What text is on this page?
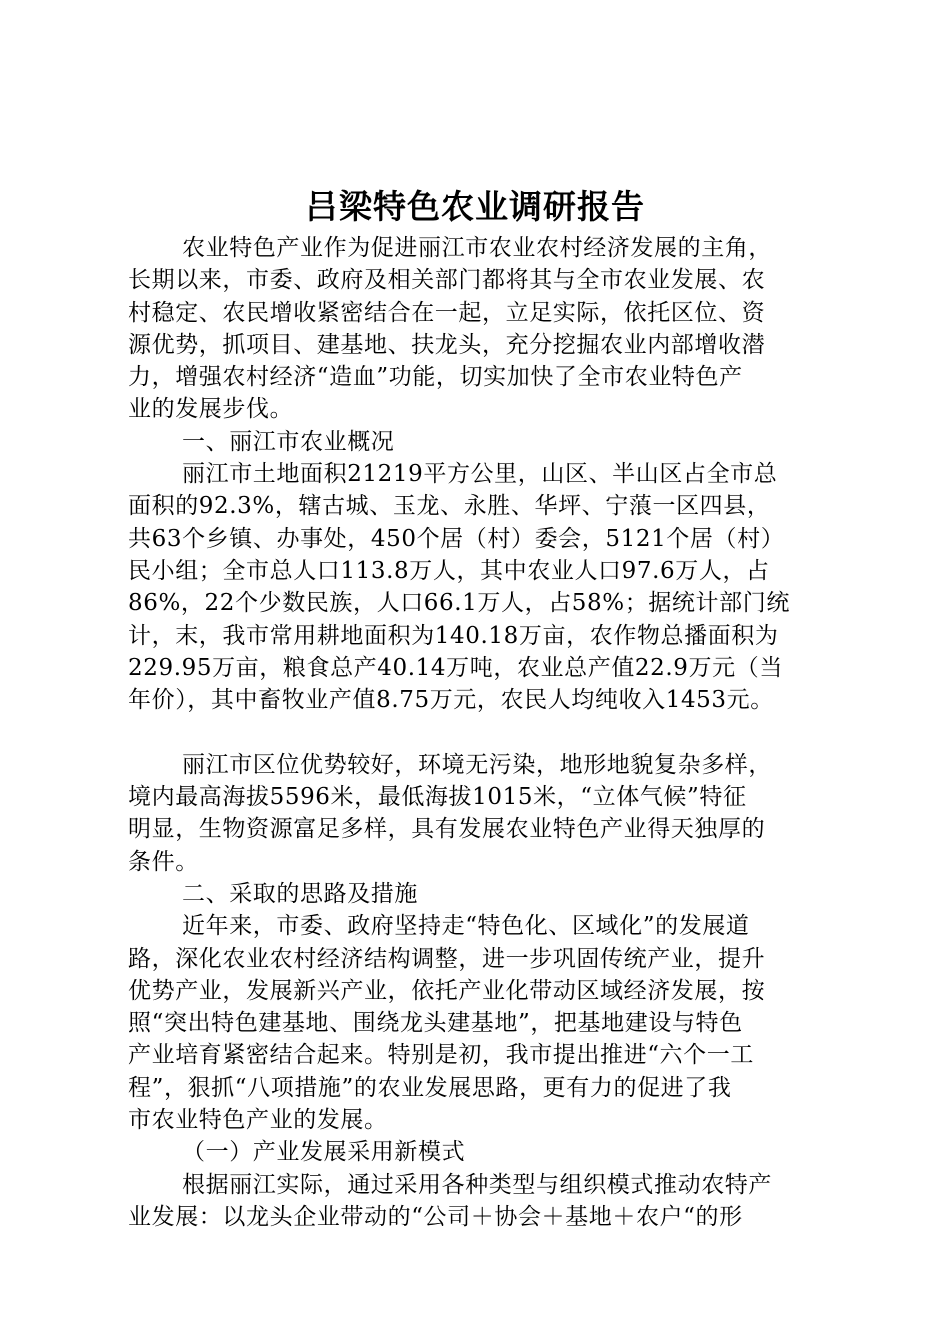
吕梁特色农业调研报告
农业特色产业作为促进丽江市农业农村经济发展的主角，
长期以来，市委、政府及相关部门都将其与全市农业发展、农
村稳定、农民增收紧密结合在一起，立足实际，依托区位、资
源优势，抓项目、建基地、扶龙头，充分挖掘农业内部增收潜
力，增强农村经济“造血”功能，切实加快了全市农业特色产
业的发展步伐。
一、丽江市农业概况
丽江市土地面积21219平方公里，山区、半山区占全市总
面积的92.3%，辖古城、玉龙、永胜、华坪、宁蒗一区四县，
共63个乡镇、办事处，450个居（村）委会，5121个居（村）
民小组；全市总人口113.8万人，其中农业人口97.6万人，占
86%，22个少数民族，人口66.1万人，占58%；据统计部门统
计，末，我市常用耕地面积为140.18万亩，农作物总播面积为
229.95万亩，粮食总产40.14万吨，农业总产值22.9万元（当
年价），其中畜牧业产值8.75万元，农民人均纯收入1453元。
丽江市区位优势较好，环境无污染，地形地貌复杂多样，
境内最高海拔5596米，最低海拔1015米，“立体气候”特征
明显，生物资源富足多样，具有发展农业特色产业得天独厚的
条件。
二、采取的思路及措施
近年来，市委、政府坚持走“特色化、区域化”的发展道
路，深化农业农村经济结构调整，进一步巩固传统产业，提升
优势产业，发展新兴产业，依托产业化带动区域经济发展，按
照“突出特色建基地、围绕龙头建基地”，把基地建设与特色
产业培育紧密结合起来。特别是初，我市提出推进“六个一工
程”，狠抓“八项措施”的农业发展思路，更有力的促进了我
市农业特色产业的发展。
（一）产业发展采用新模式
根据丽江实际，通过采用各种类型与组织模式推动农特产
业发展：以龙头企业带动的“公司＋协会＋基地＋农户“的形
